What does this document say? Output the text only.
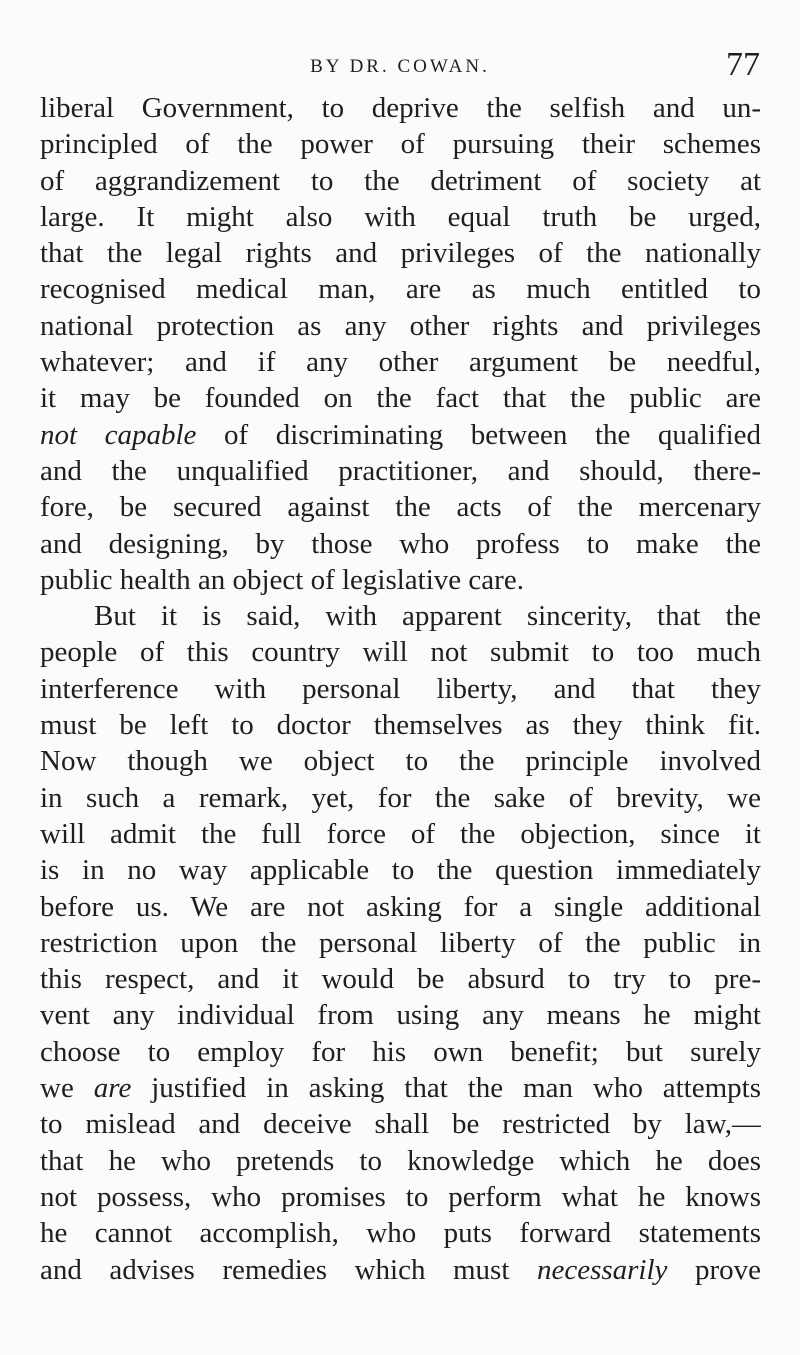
BY DR. COWAN.	77
liberal Government, to deprive the selfish and un-
principled of the power of pursuing their schemes
of aggrandizement to the detriment of society at
large. It might also with equal truth be urged,
that the legal rights and privileges of the nationally
recognised medical man, are as much entitled to
national protection as any other rights and privileges
whatever; and if any other argument be needful,
it may be founded on the fact that the public are
not capable of discriminating between the qualified
and the unqualified practitioner, and should, there-
fore, be secured against the acts of the mercenary
and designing, by those who profess to make the
public health an object of legislative care.
But it is said, with apparent sincerity, that the
people of this country will not submit to too much
interference with personal liberty, and that they
must be left to doctor themselves as they think fit.
Now though we object to the principle involved
in such a remark, yet, for the sake of brevity, we
will admit the full force of the objection, since it
is in no way applicable to the question immediately
before us. We are not asking for a single additional
restriction upon the personal liberty of the public in
this respect, and it would be absurd to try to pre-
vent any individual from using any means he might
choose to employ for his own benefit; but surely
we are justified in asking that the man who attempts
to mislead and deceive shall be restricted by law,—
that he who pretends to knowledge which he does
not possess, who promises to perform what he knows
he cannot accomplish, who puts forward statements
and advises remedies which must necessarily prove
